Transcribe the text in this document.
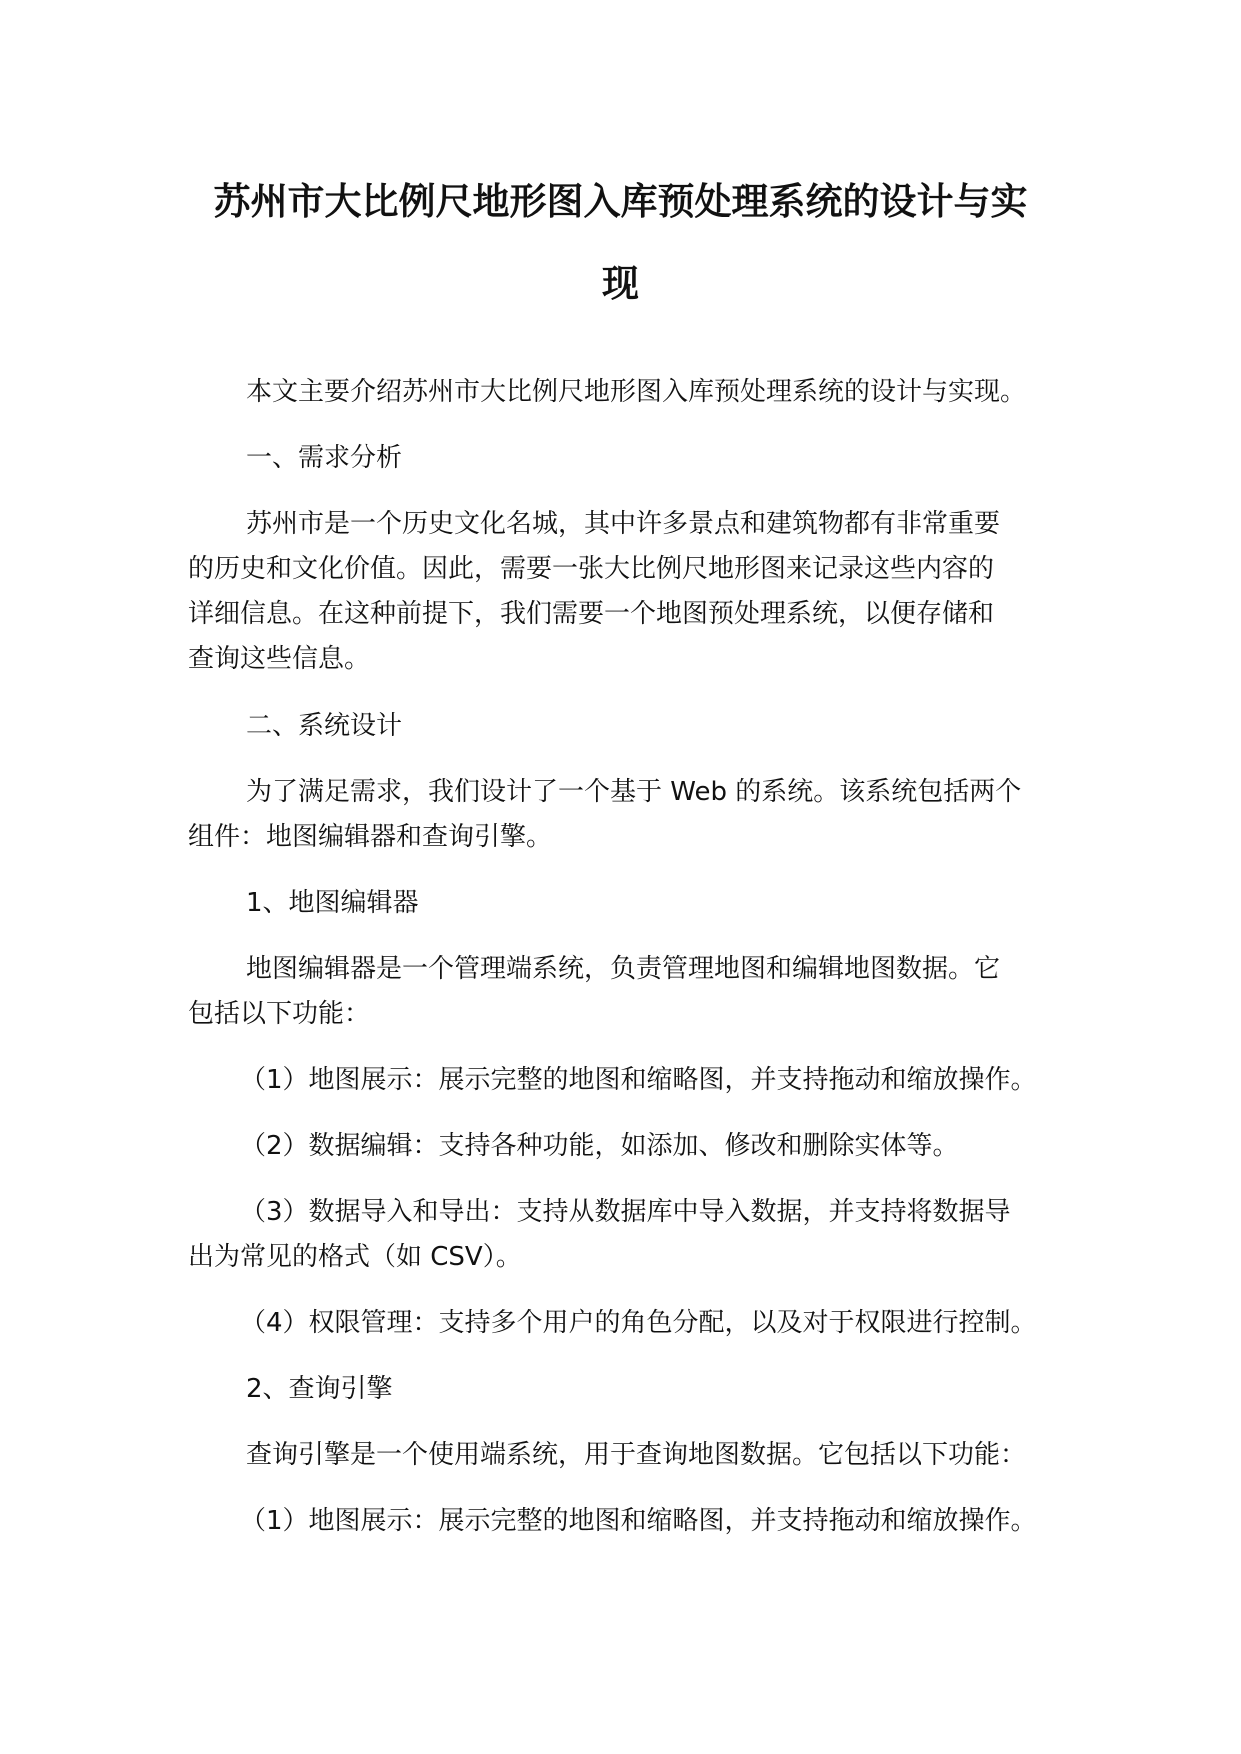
苏州市大比例尺地形图入库预处理系统的设计与实
现
本文主要介绍苏州市大比例尺地形图入库预处理系统的设计与实现。
一、需求分析
苏州市是一个历史文化名城，其中许多景点和建筑物都有非常重要
的历史和文化价值。因此，需要一张大比例尺地形图来记录这些内容的
详细信息。在这种前提下，我们需要一个地图预处理系统，以便存储和
查询这些信息。
二、系统设计
为了满足需求，我们设计了一个基于 Web 的系统。该系统包括两个
组件：地图编辑器和查询引擎。
1、地图编辑器
地图编辑器是一个管理端系统，负责管理地图和编辑地图数据。它
包括以下功能：
（1）地图展示：展示完整的地图和缩略图，并支持拖动和缩放操作。
（2）数据编辑：支持各种功能，如添加、修改和删除实体等。
（3）数据导入和导出：支持从数据库中导入数据，并支持将数据导
出为常见的格式（如 CSV）。
（4）权限管理：支持多个用户的角色分配，以及对于权限进行控制。
2、查询引擎
查询引擎是一个使用端系统，用于查询地图数据。它包括以下功能：
（1）地图展示：展示完整的地图和缩略图，并支持拖动和缩放操作。
